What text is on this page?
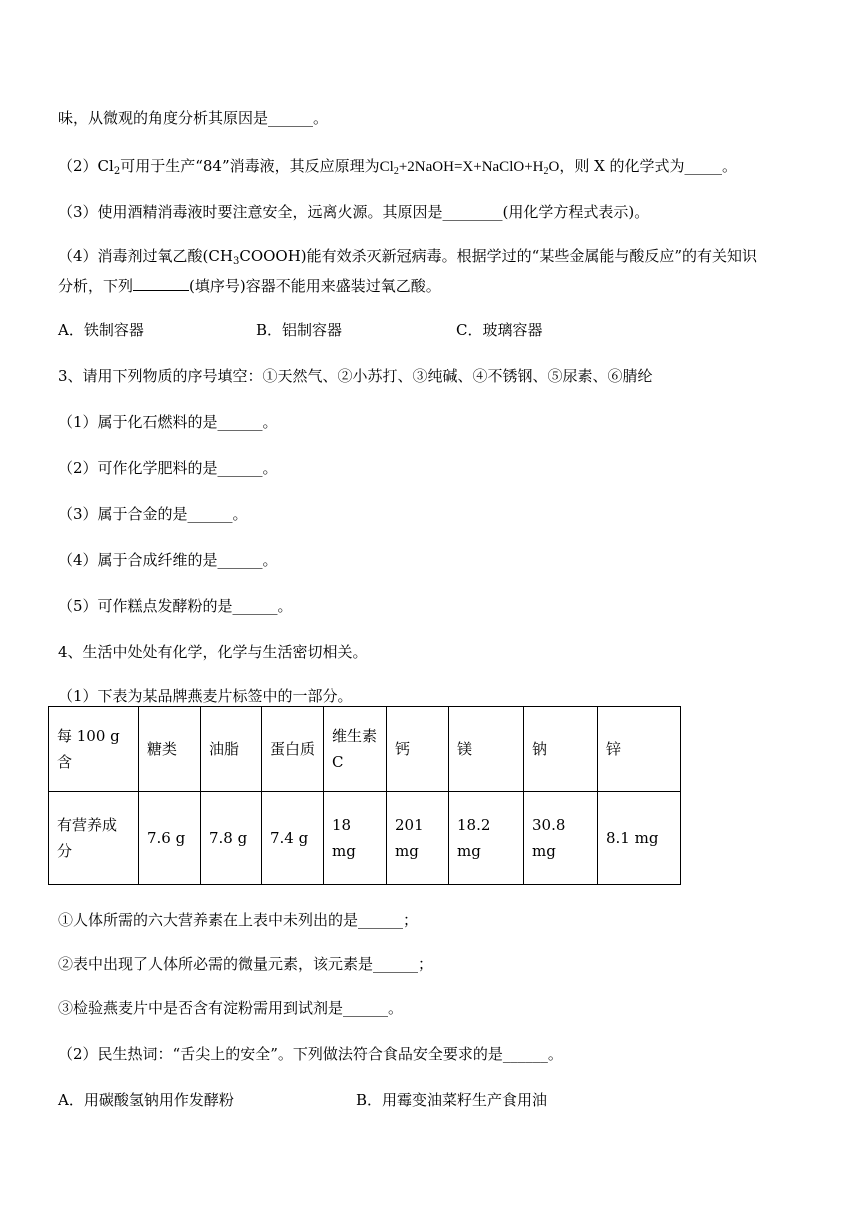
味，从微观的角度分析其原因是______。
$(2)Cl_2$可用于生产“84”消毒液，其反应原理为$Cl_2+2NaOH=X+NaClO+H_2O$，则 X 的化学式为_____。
（3）使用酒精消毒液时要注意安全，远离火源。其原因是________(用化学方程式表示)。
（4）消毒剂过氧乙酸$(CH_3COOOH)$能有效杀灭新冠病毒。根据学过的“某些金属能与酸反应”的有关知识
分析，下列	(填序号)容器不能用来盛装过氧乙酸。
A．铁制容器	B．铝制容器	C．玻璃容器
3、请用下列物质的序号填空：①天然气、②小苏打、③纯碱、④不锈钢、⑤尿素、⑥腈纶
（1）属于化石燃料的是______。
（2）可作化学肥料的是______。
（3）属于合金的是______。
（4）属于合成纤维的是______。
（5）可作糕点发酵粉的是______。
4、生活中处处有化学，化学与生活密切相关。
（1）下表为某品牌燕麦片标签中的一部分。
每 100 g 含	糖类	油脂	蛋白质	维生素 C	钙	镁	钠	锌
有营养成分	7.6 g	7.8 g	7.4 g	18 mg	201 mg	18.2 mg	30.8 mg	8.1 mg
①人体所需的六大营养素在上表中未列出的是______；
②表中出现了人体所必需的微量元素，该元素是______；
③检验燕麦片中是否含有淀粉需用到试剂是______。
（2）民生热词：“舌尖上的安全”。下列做法符合食品安全要求的是______。
A．用碳酸氢钠用作发酵粉	B．用霉变油菜籽生产食用油
